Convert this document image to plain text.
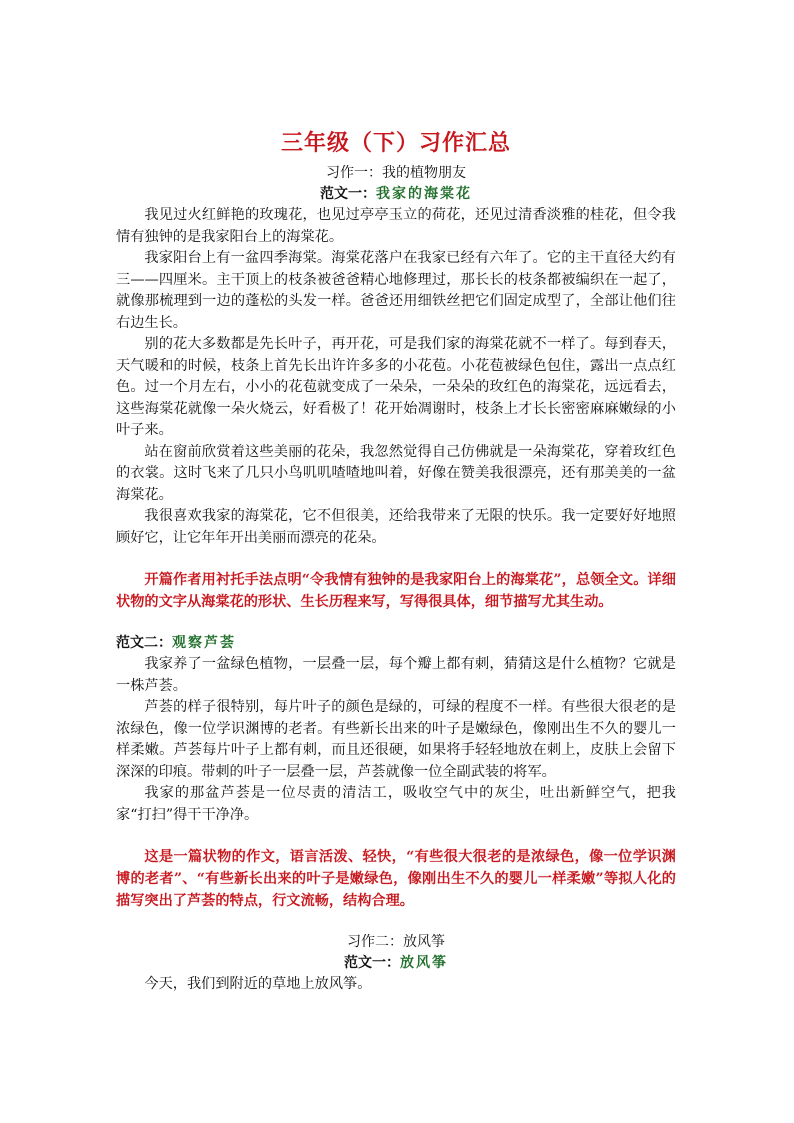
三年级（下）习作汇总
习作一：我的植物朋友
范文一：我家的海棠花

我见过火红鲜艳的玫瑰花，也见过亭亭玉立的荷花，还见过清香淡雅的桂花，但令我情有独钟的是我家阳台上的海棠花。

我家阳台上有一盆四季海棠。海棠花落户在我家已经有六年了。它的主干直径大约有三——四厘米。主干顶上的枝条被爸爸精心地修理过，那长长的枝条都被编织在一起了，就像那梳理到一边的蓬松的头发一样。爸爸还用细铁丝把它们固定成型了，全部让他们往右边生长。

别的花大多数都是先长叶子，再开花，可是我们家的海棠花就不一样了。每到春天，天气暖和的时候，枝条上首先长出许许多多的小花苞。小花苞被绿色包住，露出一点点红色。过一个月左右，小小的花苞就变成了一朵朵，一朵朵的玫红色的海棠花，远远看去，这些海棠花就像一朵火烧云，好看极了！花开始凋谢时，枝条上才长长密密麻麻嫩绿的小叶子来。

站在窗前欣赏着这些美丽的花朵，我忽然觉得自己仿佛就是一朵海棠花，穿着玫红色的衣裳。这时飞来了几只小鸟叽叽喳喳地叫着，好像在赞美我很漂亮，还有那美美的一盆海棠花。

我很喜欢我家的海棠花，它不但很美，还给我带来了无限的快乐。我一定要好好地照顾好它，让它年年开出美丽而漂亮的花朵。

开篇作者用衬托手法点明“令我情有独钟的是我家阳台上的海棠花”，总领全文。详细状物的文字从海棠花的形状、生长历程来写，写得很具体，细节描写尤其生动。
范文二：观察芦荟

我家养了一盆绿色植物，一层叠一层，每个瓣上都有刺，猜猜这是什么植物？它就是一株芦荟。

芦荟的样子很特别，每片叶子的颜色是绿的，可绿的程度不一样。有些很大很老的是浓绿色，像一位学识渊博的老者。有些新长出来的叶子是嫩绿色，像刚出生不久的婴儿一样柔嫩。芦荟每片叶子上都有刺，而且还很硬，如果将手轻轻地放在刺上，皮肤上会留下深深的印痕。带刺的叶子一层叠一层，芦荟就像一位全副武装的将军。

我家的那盆芦荟是一位尽责的清洁工，吸收空气中的灰尘，吐出新鲜空气，把我家“打扫”得干干净净。

这是一篇状物的作文，语言活泼、轻快，“有些很大很老的是浓绿色，像一位学识渊博的老者”、“有些新长出来的叶子是嫩绿色，像刚出生不久的婴儿一样柔嫩”等拟人化的描写突出了芦荟的特点，行文流畅，结构合理。
习作二：放风筝
范文一：放风筝

今天，我们到附近的草地上放风筝。
